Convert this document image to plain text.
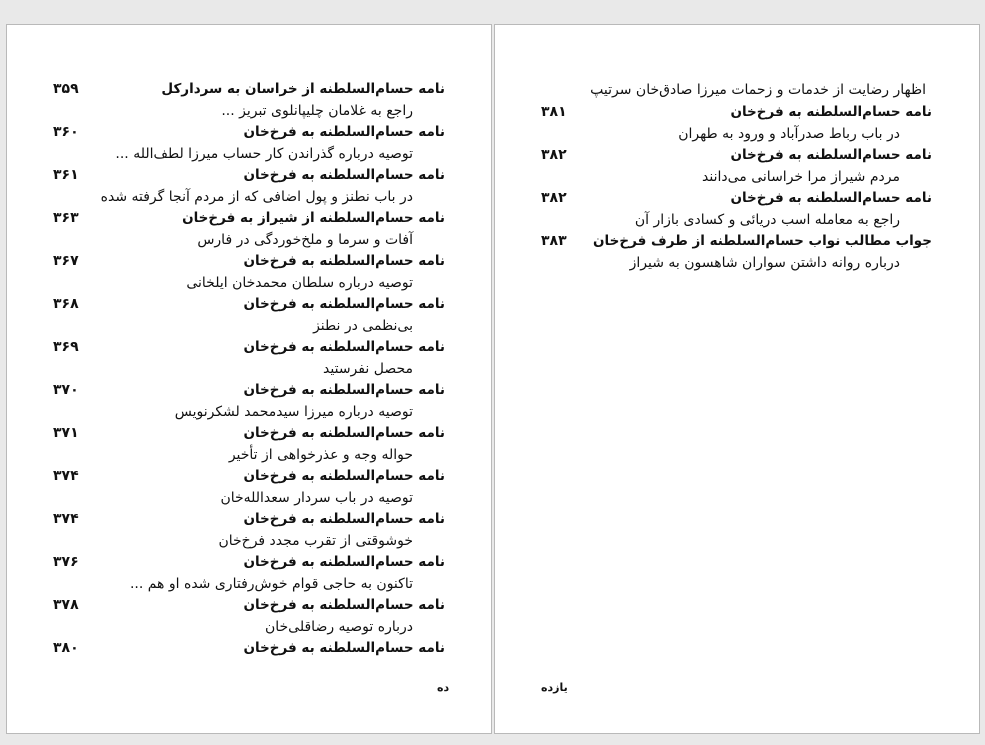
نامه حسام‌السلطنه از خراسان به سردارکل
۳۵۹
راجع به غلامان چلیپانلوی تبریز ...
نامه حسام‌السلطنه به فرخ‌خان
۳۶۰
توصیه درباره گذراندن کار حساب میرزا لطف‌الله ...
نامه حسام‌السلطنه به فرخ‌خان
۳۶۱
در باب نطنز و پول اضافی که از مردم آنجا گرفته شده
نامه حسام‌السلطنه از شیراز به فرخ‌خان
۳۶۳
آفات و سرما و ملخ‌خوردگی در فارس
نامه حسام‌السلطنه به فرخ‌خان
۳۶۷
توصیه درباره سلطان محمدخان ایلخانی
نامه حسام‌السلطنه به فرخ‌خان
۳۶۸
بی‌نظمی در نطنز
نامه حسام‌السلطنه به فرخ‌خان
۳۶۹
محصل نفرستید
نامه حسام‌السلطنه به فرخ‌خان
۳۷۰
توصیه درباره میرزا سیدمحمد لشکرنویس
نامه حسام‌السلطنه به فرخ‌خان
۳۷۱
حواله وجه و عذرخواهی از تأخیر
نامه حسام‌السلطنه به فرخ‌خان
۳۷۴
توصیه در باب سردار سعدالله‌خان
نامه حسام‌السلطنه به فرخ‌خان
۳۷۴
خوشوقتی از تقرب مجدد فرخ‌خان
نامه حسام‌السلطنه به فرخ‌خان
۳۷۶
تاکنون به حاجی قوام خوش‌رفتاری شده او هم ...
نامه حسام‌السلطنه به فرخ‌خان
۳۷۸
درباره توصیه رضاقلی‌خان
نامه حسام‌السلطنه به فرخ‌خان
۳۸۰
ده
اظهار رضایت از خدمات و زحمات میرزا صادق‌خان سرتیپ
نامه حسام‌السلطنه به فرخ‌خان
۳۸۱
در باب رباط صدرآباد و ورود به طهران
نامه حسام‌السلطنه به فرخ‌خان
۳۸۲
مردم شیراز مرا خراسانی می‌دانند
نامه حسام‌السلطنه به فرخ‌خان
۳۸۲
راجع به معامله اسب دریائی و کسادی بازار آن
جواب مطالب نواب حسام‌السلطنه از طرف فرخ‌خان
۳۸۳
درباره روانه داشتن سواران شاهسون به شیراز
یازده
